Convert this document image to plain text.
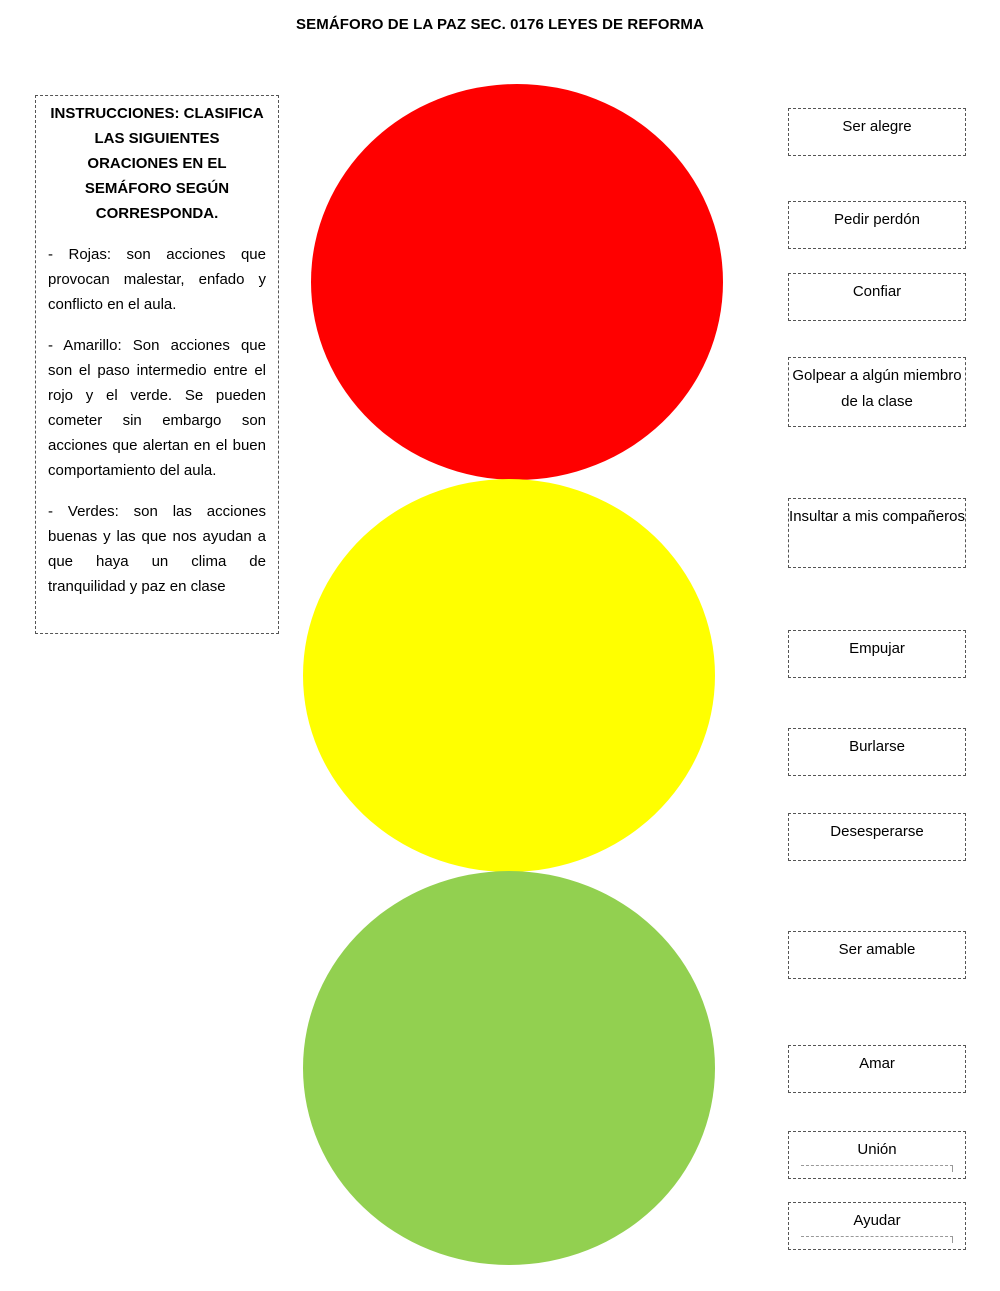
SEMÁFORO DE LA PAZ SEC. 0176 LEYES DE REFORMA
INSTRUCCIONES: CLASIFICA LAS SIGUIENTES ORACIONES EN EL SEMÁFORO SEGÚN CORRESPONDA.

- Rojas: son acciones que provocan malestar, enfado y conflicto en el aula.

- Amarillo: Son acciones que son el paso intermedio entre el rojo y el verde. Se pueden cometer sin embargo son acciones que alertan en el buen comportamiento del aula.

- Verdes: son las acciones buenas y las que nos ayudan a que haya un clima de tranquilidad y paz en clase

Ser alegre
Pedir perdón
Confiar
Golpear a algún miembro de la clase
Insultar a mis compañeros
Empujar
Burlarse
Desesperarse
Ser amable
Amar
Unión
Ayudar
